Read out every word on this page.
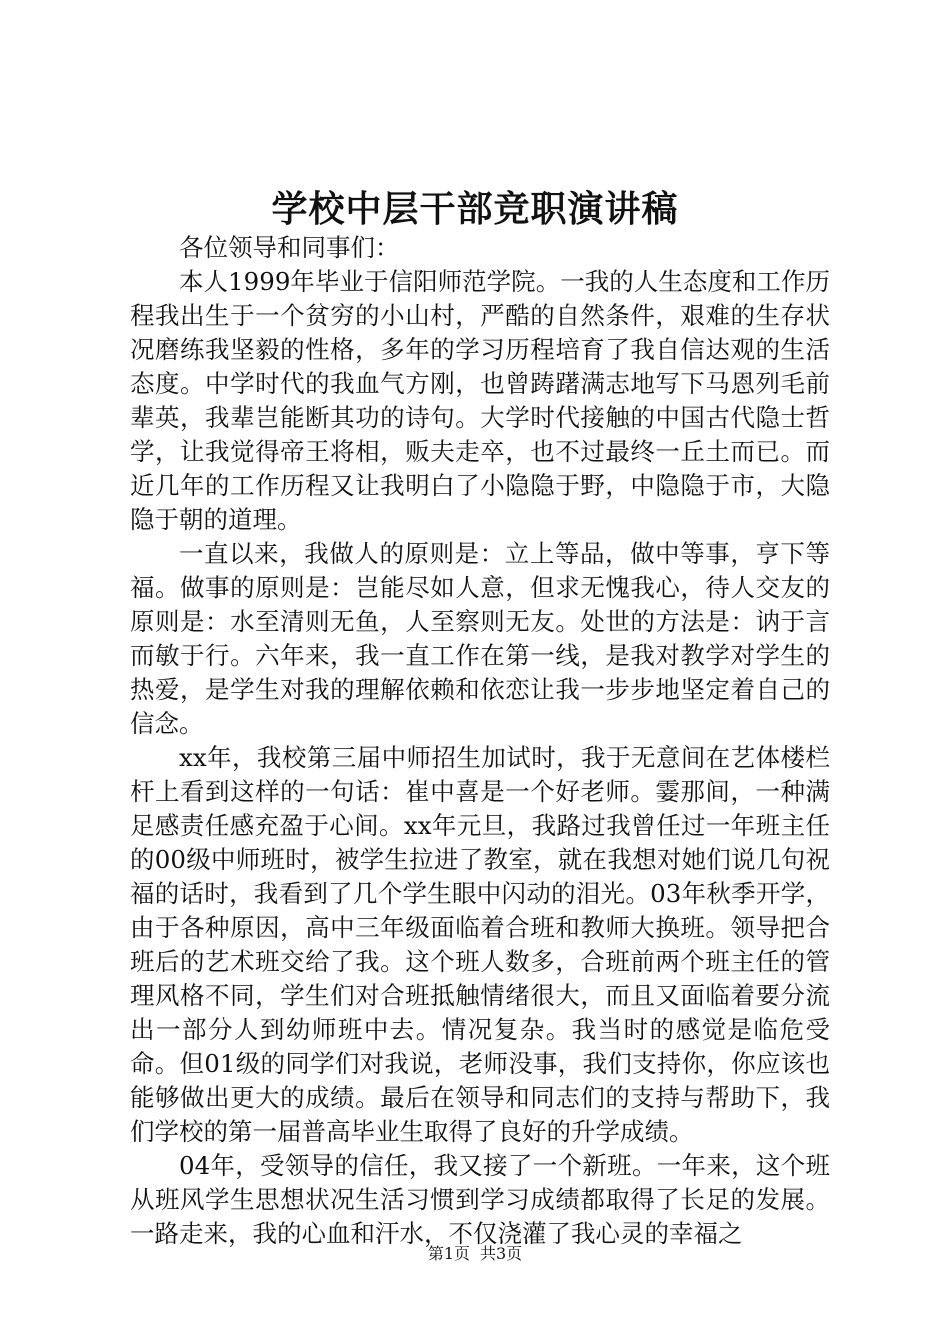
学校中层干部竞职演讲稿

各位领导和同事们：

本人1999年毕业于信阳师范学院。一我的人生态度和工作历程我出生于一个贫穷的小山村，严酷的自然条件，艰难的生存状况磨练我坚毅的性格，多年的学习历程培育了我自信达观的生活态度。中学时代的我血气方刚，也曾踌躇满志地写下马恩列毛前辈英，我辈岂能断其功的诗句。大学时代接触的中国古代隐士哲学，让我觉得帝王将相，贩夫走卒，也不过最终一丘土而已。而近几年的工作历程又让我明白了小隐隐于野，中隐隐于市，大隐隐于朝的道理。

一直以来，我做人的原则是：立上等品，做中等事，亨下等福。做事的原则是：岂能尽如人意，但求无愧我心，待人交友的原则是：水至清则无鱼，人至察则无友。处世的方法是：讷于言而敏于行。六年来，我一直工作在第一线，是我对教学对学生的热爱，是学生对我的理解依赖和依恋让我一步步地坚定着自己的信念。

xx年，我校第三届中师招生加试时，我于无意间在艺体楼栏杆上看到这样的一句话：崔中喜是一个好老师。霎那间，一种满足感责任感充盈于心间。xx年元旦，我路过我曾任过一年班主任的00级中师班时，被学生拉进了教室，就在我想对她们说几句祝福的话时，我看到了几个学生眼中闪动的泪光。03年秋季开学，由于各种原因，高中三年级面临着合班和教师大换班。领导把合班后的艺术班交给了我。这个班人数多，合班前两个班主任的管理风格不同，学生们对合班抵触情绪很大，而且又面临着要分流出一部分人到幼师班中去。情况复杂。我当时的感觉是临危受命。但01级的同学们对我说，老师没事，我们支持你，你应该也能够做出更大的成绩。最后在领导和同志们的支持与帮助下，我们学校的第一届普高毕业生取得了良好的升学成绩。

04年，受领导的信任，我又接了一个新班。一年来，这个班从班风学生思想状况生活习惯到学习成绩都取得了长足的发展。一路走来，我的心血和汗水，不仅浇灌了我心灵的幸福之

第1页 共3页
